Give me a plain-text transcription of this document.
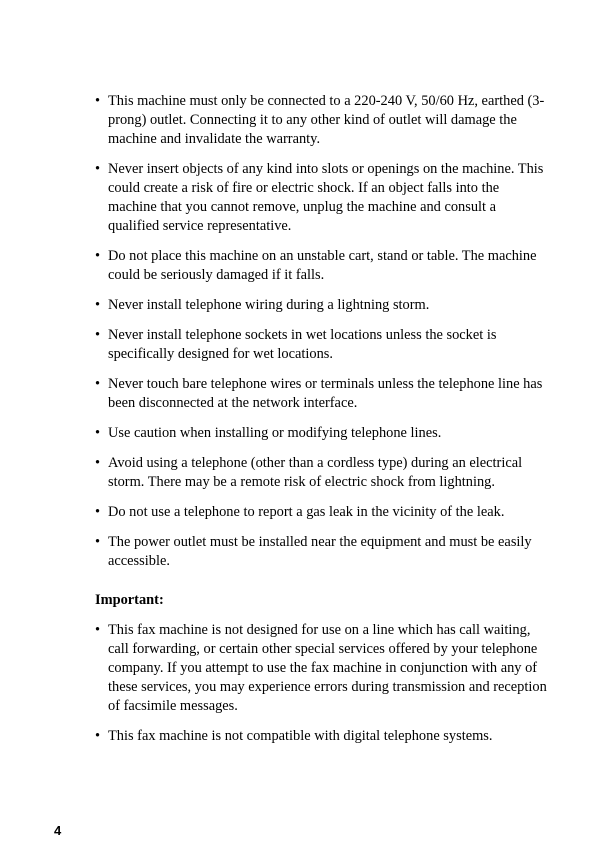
• This machine must only be connected to a 220-240 V, 50/60 Hz, earthed (3-prong) outlet. Connecting it to any other kind of outlet will damage the machine and invalidate the warranty.
• Never insert objects of any kind into slots or openings on the machine. This could create a risk of fire or electric shock. If an object falls into the machine that you cannot remove, unplug the machine and consult a qualified service representative.
• Do not place this machine on an unstable cart, stand or table. The machine could be seriously damaged if it falls.
• Never install telephone wiring during a lightning storm.
• Never install telephone sockets in wet locations unless the socket is specifically designed for wet locations.
• Never touch bare telephone wires or terminals unless the telephone line has been disconnected at the network interface.
• Use caution when installing or modifying telephone lines.
• Avoid using a telephone (other than a cordless type) during an electrical storm. There may be a remote risk of electric shock from lightning.
• Do not use a telephone to report a gas leak in the vicinity of the leak.
• The power outlet must be installed near the equipment and must be easily accessible.
Important:
• This fax machine is not designed for use on a line which has call waiting, call forwarding, or certain other special services offered by your telephone company. If you attempt to use the fax machine in conjunction with any of these services, you may experience errors during transmission and reception of facsimile messages.
• This fax machine is not compatible with digital telephone systems.
4
